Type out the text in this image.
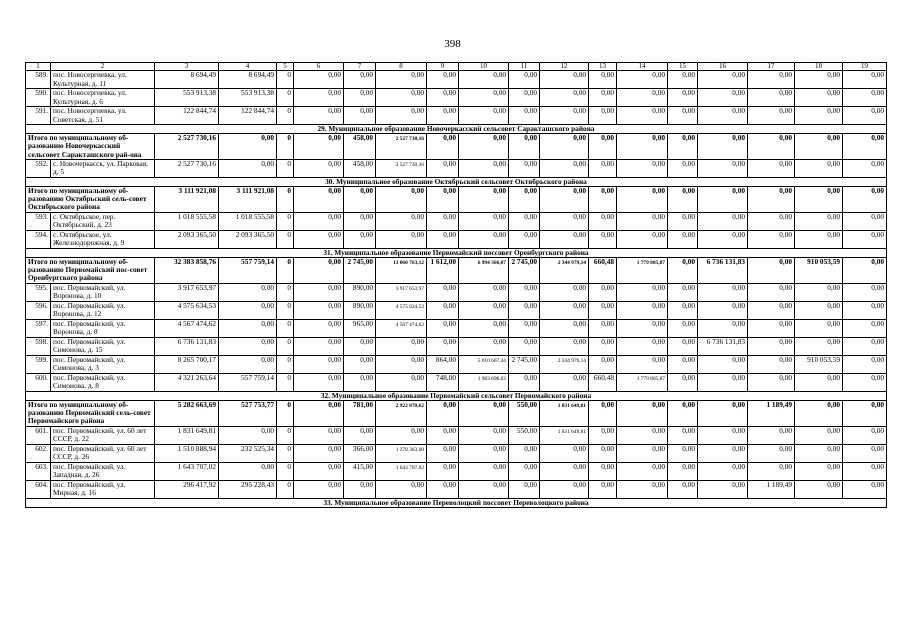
398
1	2	3	4	5	6	7	8	9	10	11	12	13	14	15	16	17	18	19
589.	пос. Новосергиевка, ул. Культурная, д. 11	8 694,49	8 694,49	0	0,00	0,00	0,00	0,00	0,00	0,00	0,00	0,00	0,00	0,00	0,00	0,00	0,00	0,00
590.	пос. Новосергиевка, ул. Культурная, д. 6	553 913,38	553 913,38	0	0,00	0,00	0,00	0,00	0,00	0,00	0,00	0,00	0,00	0,00	0,00	0,00	0,00	0,00
591.	пос. Новосергиевка, ул. Советская, д. 51	122 844,74	122 844,74	0	0,00	0,00	0,00	0,00	0,00	0,00	0,00	0,00	0,00	0,00	0,00	0,00	0,00	0,00
29. Муниципальное образование Новочеркасский сельсовет Саракташского района																		
Итого по муниципальному об-разованию Новочеркасский сельсовет Саракташского рай-она		2 527 730,16	0,00	0	0,00	458,00	2 527 730,16	0,00	0,00	0,00	0,00	0,00	0,00	0,00	0,00	0,00	0,00	0,00
592.	с. Новочеркасск, ул. Парковая, д. 5	2 527 730,16	0,00	0	0,00	458,00	2 527 730,16	0,00	0,00	0,00	0,00	0,00	0,00	0,00	0,00	0,00	0,00	0,00
30. Муниципальное образование Октябрьский сельсовет Октябрьского района																		
Итого по муниципальному об-разованию Октябрьский сель-совет Октябрьского района		3 111 921,08	3 111 921,08	0	0,00	0,00	0,00	0,00	0,00	0,00	0,00	0,00	0,00	0,00	0,00	0,00	0,00	0,00
593.	с. Октябрьское, пер. Октябрьский, д. 23	1 018 555,58	1 018 555,58	0	0,00	0,00	0,00	0,00	0,00	0,00	0,00	0,00	0,00	0,00	0,00	0,00	0,00	0,00
594.	с. Октябрьское, ул. Железнодорожная, д. 9	2 093 365,50	2 093 365,50	0	0,00	0,00	0,00	0,00	0,00	0,00	0,00	0,00	0,00	0,00	0,00	0,00	0,00	0,00
31. Муниципальное образование Первомайский поссовет Оренбургского района																		
Итого по муниципальному об-разованию Первомайский пос-совет Оренбургского района		32 383 858,76	557 759,14	0	0,00	2 745,00	13 060 763,12	1 612,00	6 994 366,07	2 745,00	2 344 979,14	660,48	1 779 805,87	0,00	6 736 131,83	0,00	910 053,59	0,00
595.	пос. Первомайский, ул. Воронова, д. 10	3 917 653,97	0,00	0	0,00	890,00	3 917 653,97	0,00	0,00	0,00	0,00	0,00	0,00	0,00	0,00	0,00	0,00	0,00
596.	пос. Первомайский, ул. Воронова, д. 12	4 575 634,53	0,00	0	0,00	890,00	4 575 634,53	0,00	0,00	0,00	0,00	0,00	0,00	0,00	0,00	0,00	0,00	0,00
597.	пос. Первомайский, ул. Воронова, д. 8	4 567 474,62	0,00	0	0,00	965,00	4 567 474,62	0,00	0,00	0,00	0,00	0,00	0,00	0,00	0,00	0,00	0,00	0,00
598.	пос. Первомайский, ул. Симонова, д. 15	6 736 131,83	0,00	0	0,00	0,00	0,00	0,00	0,00	0,00	0,00	0,00	0,00	0,00	6 736 131,83	0,00	0,00	0,00
599.	пос. Первомайский, ул. Симонова, д. 3	8 265 700,17	0,00	0	0,00	0,00	0,00	864,00	5 010 667,44	2 745,00	2 344 979,14	0,00	0,00	0,00	0,00	0,00	910 053,59	0,00
600.	пос. Первомайский, ул. Симонова, д. 8	4 321 263,64	557 759,14	0	0,00	0,00	0,00	748,00	1 983 698,63	0,00	0,00	660,48	1 779 805,87	0,00	0,00	0,00	0,00	0,00
32. Муниципальное образование Первомайский сельсовет Первомайского района																		
Итого по муниципальному об-разованию Первомайский сель-совет Первомайского района		5 282 663,69	527 753,77	0	0,00	781,00	2 922 070,62	0,00	0,00	550,00	1 831 649,81	0,00	0,00	0,00	0,00	1 189,49	0,00	0,00
601.	пос. Первомайский, ул. 60 лет СССР, д. 22	1 831 649,81	0,00	0	0,00	0,00	0,00	0,00	0,00	550,00	1 831 649,81	0,00	0,00	0,00	0,00	0,00	0,00	0,00
602.	пос. Первомайский, ул. 60 лет СССР, д. 26	1 510 888,94	232 525,34	0	0,00	366,00	1 278 363,60	0,00	0,00	0,00	0,00	0,00	0,00	0,00	0,00	0,00	0,00	0,00
603.	пос. Первомайский, ул. Западная, д. 26	1 643 707,02	0,00	0	0,00	415,00	1 643 707,02	0,00	0,00	0,00	0,00	0,00	0,00	0,00	0,00	0,00	0,00	0,00
604.	пос. Первомайский, ул. Мирная, д. 16	296 417,92	295 228,43	0	0,00	0,00	0,00	0,00	0,00	0,00	0,00	0,00	0,00	0,00	0,00	1 189,49	0,00	0,00
33. Муниципальное образование Переволоцкий поссовет Переволоцкого района																		
